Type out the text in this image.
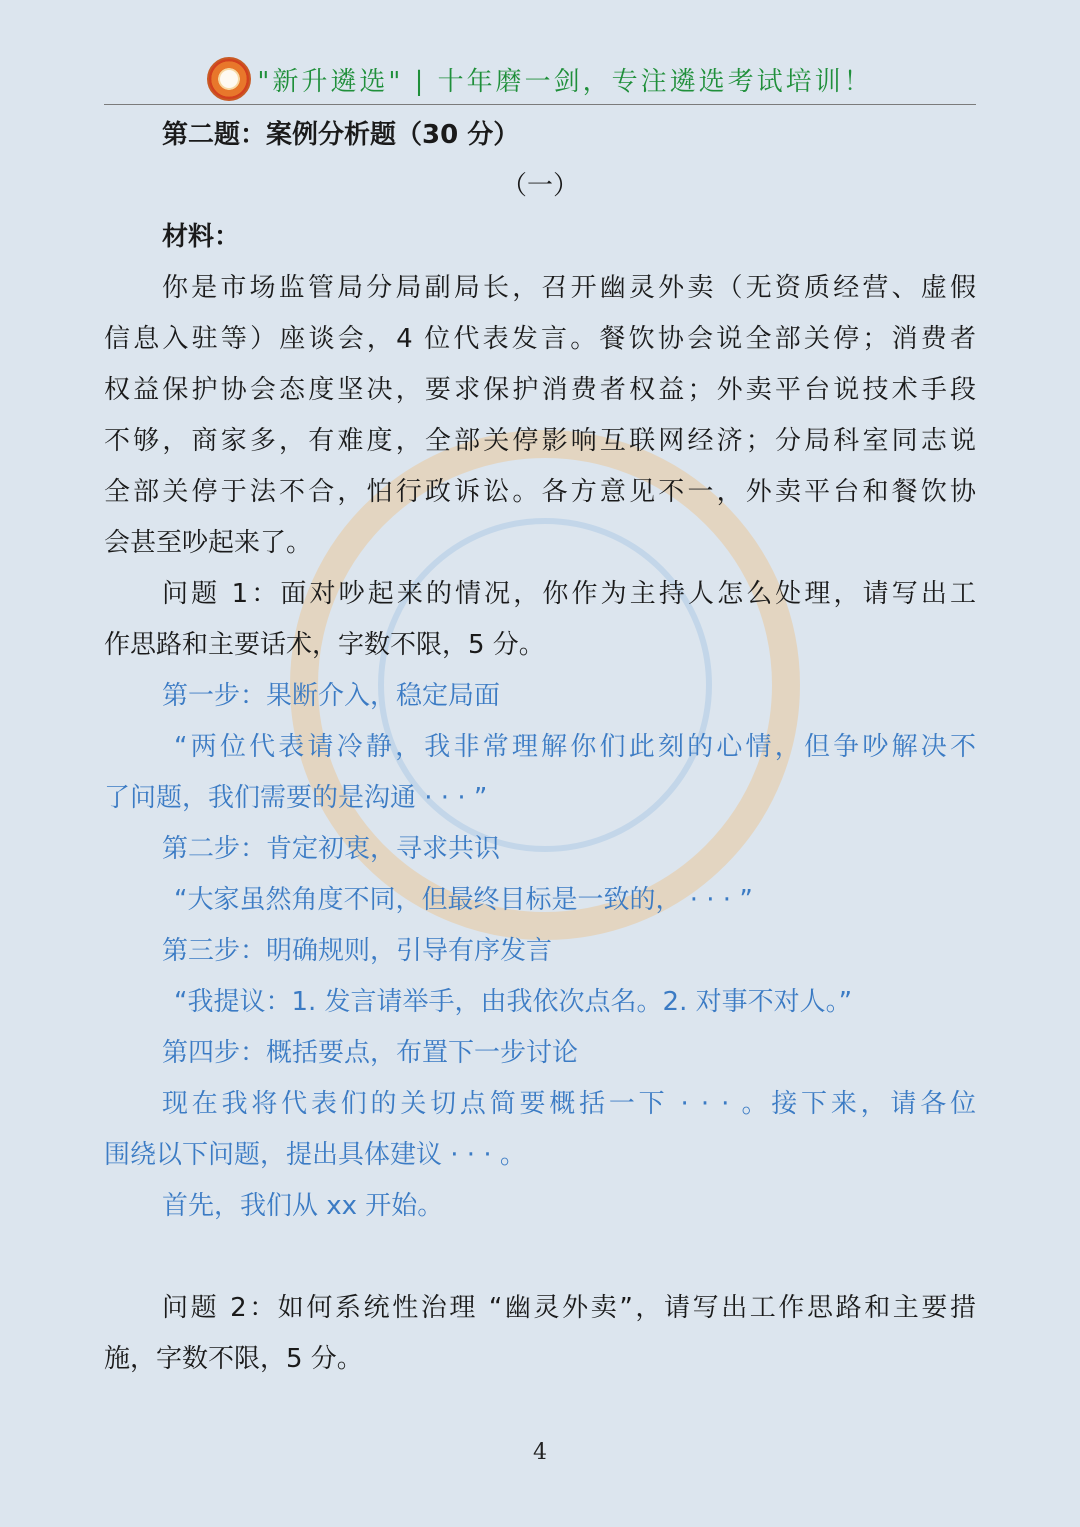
"新升遴选" | 十年磨一剑，专注遴选考试培训！
第二题：案例分析题（30 分）
（一）
材料：
你是市场监管局分局副局长，召开幽灵外卖（无资质经营、虚假
信息入驻等）座谈会，4 位代表发言。餐饮协会说全部关停；消费者
权益保护协会态度坚决，要求保护消费者权益；外卖平台说技术手段
不够，商家多，有难度，全部关停影响互联网经济；分局科室同志说
全部关停于法不合，怕行政诉讼。各方意见不一，外卖平台和餐饮协
会甚至吵起来了。
问题 1：面对吵起来的情况，你作为主持人怎么处理，请写出工
作思路和主要话术，字数不限，5 分。
第一步：果断介入，稳定局面
“两位代表请冷静，我非常理解你们此刻的心情，但争吵解决不
了问题，我们需要的是沟通 · · · ”
第二步：肯定初衷，寻求共识
“大家虽然角度不同，但最终目标是一致的， · · · ”
第三步：明确规则，引导有序发言
“我提议：1. 发言请举手，由我依次点名。2. 对事不对人。”
第四步：概括要点，布置下一步讨论
现在我将代表们的关切点简要概括一下 · · · 。接下来，请各位
围绕以下问题，提出具体建议 · · · 。
首先，我们从 xx 开始。
问题 2：如何系统性治理 “幽灵外卖”，请写出工作思路和主要措
施，字数不限，5 分。
4
